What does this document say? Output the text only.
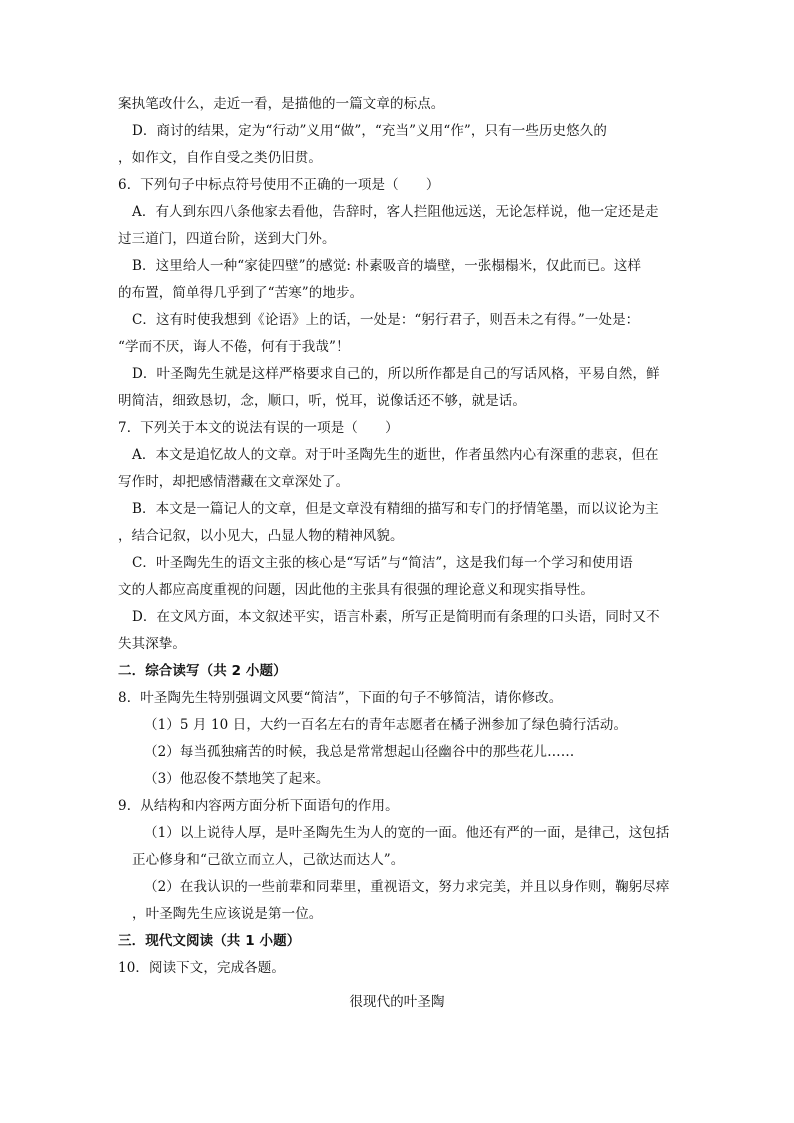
案执笔改什么，走近一看，是描他的一篇文章的标点。
D．商讨的结果，定为“行动”义用“做”，“充当”义用“作”，只有一些历史悠久的
，如作文，自作自受之类仍旧贯。
6．下列句子中标点符号使用不正确的一项是（　　）
A．有人到东四八条他家去看他，告辞时，客人拦阻他远送，无论怎样说，他一定还是走
过三道门，四道台阶，送到大门外。
B．这里给人一种“家徒四壁”的感觉: 朴素吸音的墙壁，一张榻榻米，仅此而已。这样
的布置，简单得几乎到了“苦寒”的地步。
C．这有时使我想到《论语》上的话，一处是：“躬行君子，则吾未之有得。”一处是：
“学而不厌，诲人不倦，何有于我哉”！
D．叶圣陶先生就是这样严格要求自己的，所以所作都是自己的写话风格，平易自然，鲜
明简洁，细致恳切，念，顺口，听，悦耳，说像话还不够，就是话。
7．下列关于本文的说法有误的一项是（　　）
A．本文是追忆故人的文章。对于叶圣陶先生的逝世，作者虽然内心有深重的悲哀，但在
写作时，却把感情潜藏在文章深处了。
B．本文是一篇记人的文章，但是文章没有精细的描写和专门的抒情笔墨，而以议论为主
，结合记叙，以小见大，凸显人物的精神风貌。
C．叶圣陶先生的语文主张的核心是“写话”与“简洁”，这是我们每一个学习和使用语
文的人都应高度重视的问题，因此他的主张具有很强的理论意义和现实指导性。
D．在文风方面，本文叙述平实，语言朴素，所写正是简明而有条理的口头语，同时又不
失其深挚。
二．综合读写（共 2 小题）
8．叶圣陶先生特别强调文风要“简洁”，下面的句子不够简洁，请你修改。
（1）5 月 10 日，大约一百名左右的青年志愿者在橘子洲参加了绿色骑行活动。
（2）每当孤独痛苦的时候，我总是常常想起山径幽谷中的那些花儿……
（3）他忍俊不禁地笑了起来。
9．从结构和内容两方面分析下面语句的作用。
（1）以上说待人厚，是叶圣陶先生为人的宽的一面。他还有严的一面，是律己，这包括
正心修身和“己欲立而立人，己欲达而达人”。
（2）在我认识的一些前辈和同辈里，重视语文，努力求完美，并且以身作则，鞠躬尽瘁
，叶圣陶先生应该说是第一位。
三．现代文阅读（共 1 小题）
10．阅读下文，完成各题。
很现代的叶圣陶
